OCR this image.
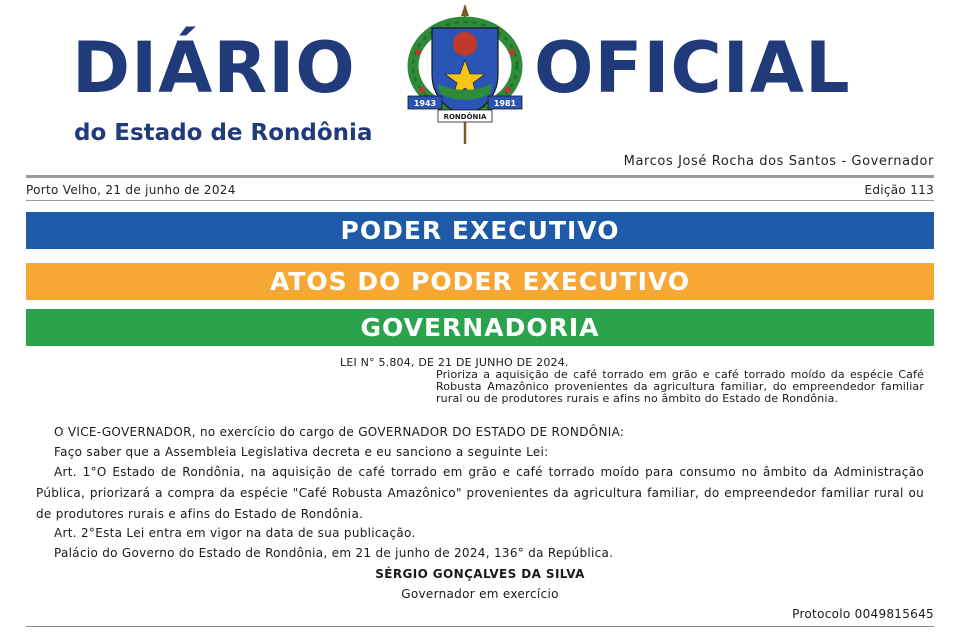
DIÁRIO	1943	1981
RONDÔNIA
OFICIAL
do Estado de Rondônia
Marcos José Rocha dos Santos - Governador
Porto Velho, 21 de junho de 2024	Edição 113
PODER EXECUTIVO
ATOS DO PODER EXECUTIVO
GOVERNADORIA
LEI N° 5.804, DE 21 DE JUNHO DE 2024.
Prioriza a aquisição de café torrado em grão e café torrado moído da espécie Café Robusta Amazônico provenientes da agricultura familiar, do empreendedor familiar rural ou de produtores rurais e afins no âmbito do Estado de Rondônia.
O VICE-GOVERNADOR, no exercício do cargo de GOVERNADOR DO ESTADO DE RONDÔNIA:
Faço saber que a Assembleia Legislativa decreta e eu sanciono a seguinte Lei:
Art. 1°O Estado de Rondônia, na aquisição de café torrado em grão e café torrado moído para consumo no âmbito da Administração Pública, priorizará a compra da espécie "Café Robusta Amazônico" provenientes da agricultura familiar, do empreendedor familiar rural ou de produtores rurais e afins do Estado de Rondônia.
Art. 2°Esta Lei entra em vigor na data de sua publicação.
Palácio do Governo do Estado de Rondônia, em 21 de junho de 2024, 136° da República.
SÉRGIO GONÇALVES DA SILVA
Governador em exercício
Protocolo 0049815645
